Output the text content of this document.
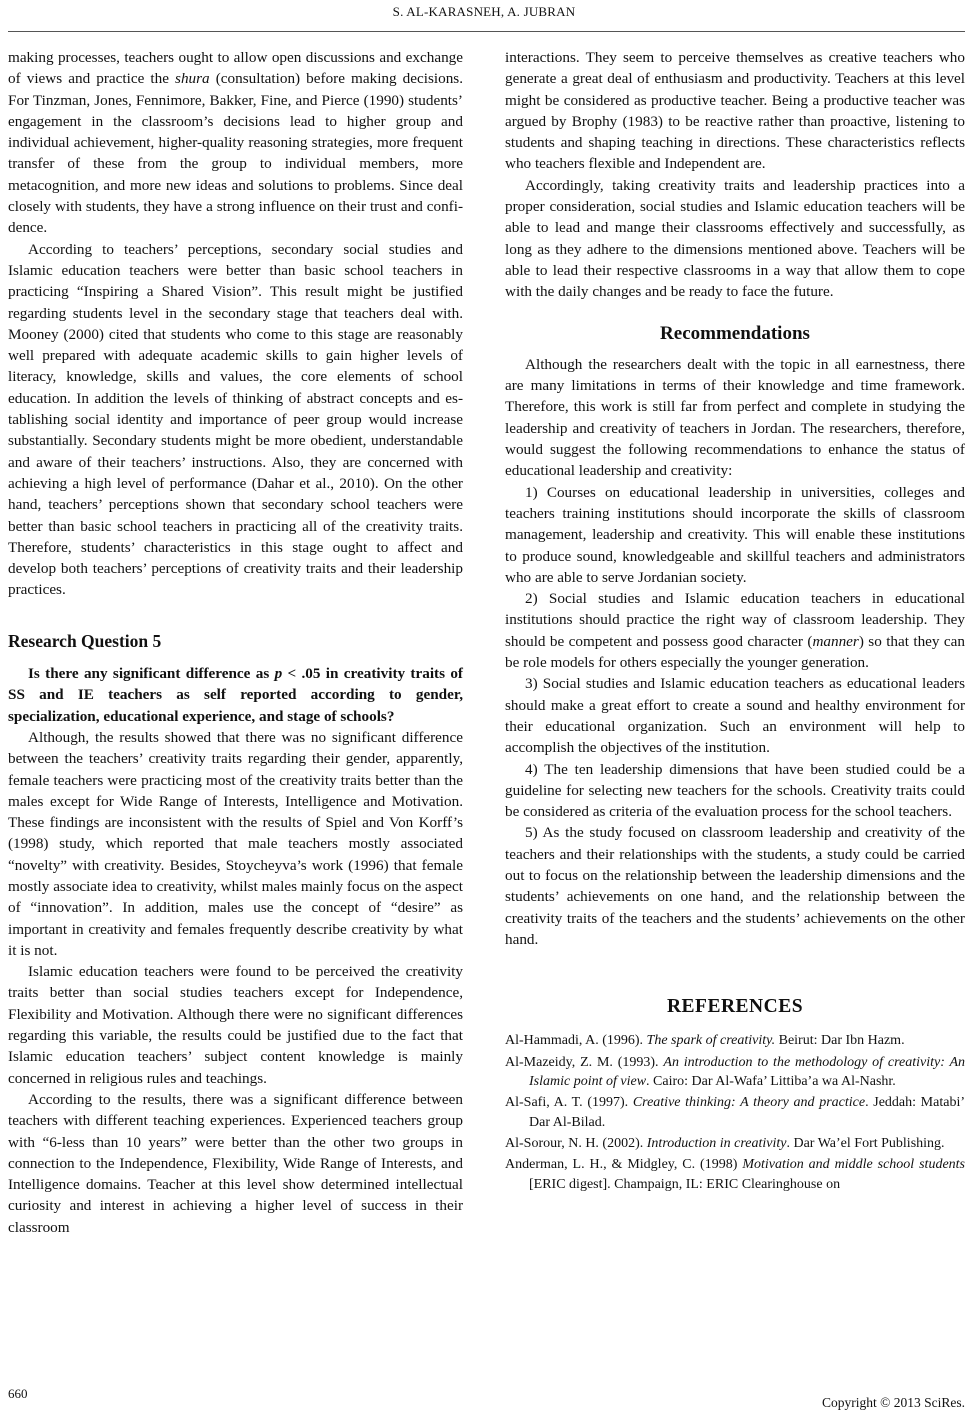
S. AL-KARASNEH, A. JUBRAN

making processes, teachers ought to allow open discussions and exchange of views and practice the shura (consultation) before making decisions. For Tinzman, Jones, Fennimore, Bakker, Fine, and Pierce (1990) students’ engagement in the classroom’s decisions lead to higher group and individual achievement, higher-quality reasoning strategies, more frequent transfer of these from the group to individual members, more metacognition, and more new ideas and solutions to problems. Since deal closely with students, they have a strong influence on their trust and confidence.

According to teachers’ perceptions, secondary social studies and Islamic education teachers were better than basic school teachers in practicing “Inspiring a Shared Vision”. This result might be justified regarding students level in the secondary stage that teachers deal with. Mooney (2000) cited that students who come to this stage are reasonably well prepared with adequate academic skills to gain higher levels of literacy, knowledge, skills and values, the core elements of school education. In addition the levels of thinking of abstract concepts and establishing social identity and importance of peer group would increase substantially. Secondary students might be more obedient, understandable and aware of their teachers’ instructions. Also, they are concerned with achieving a high level of performance (Dahar et al., 2010). On the other hand, teachers’ perceptions shown that secondary school teachers were better than basic school teachers in practicing all of the creativity traits. Therefore, students’ characteristics in this stage ought to affect and develop both teachers’ perceptions of creativity traits and their leadership practices.

Research Question 5

Is there any significant difference as p < .05 in creativity traits of SS and IE teachers as self reported according to gender, specialization, educational experience, and stage of schools?

Although, the results showed that there was no significant difference between the teachers’ creativity traits regarding their gender, apparently, female teachers were practicing most of the creativity traits better than the males except for Wide Range of Interests, Intelligence and Motivation. These findings are inconsistent with the results of Spiel and Von Korff’s (1998) study, which reported that male teachers mostly associated “novelty” with creativity. Besides, Stoycheyva’s work (1996) that female mostly associate idea to creativity, whilst males mainly focus on the aspect of “innovation”. In addition, males use the concept of “desire” as important in creativity and females frequently describe creativity by what it is not.

Islamic education teachers were found to be perceived the creativity traits better than social studies teachers except for Independence, Flexibility and Motivation. Although there were no significant differences regarding this variable, the results could be justified due to the fact that Islamic education teachers’ subject content knowledge is mainly concerned in religious rules and teachings.

According to the results, there was a significant difference between teachers with different teaching experiences. Experienced teachers group with “6-less than 10 years” were better than the other two groups in connection to the Independence, Flexibility, Wide Range of Interests, and Intelligence domains. Teacher at this level show determined intellectual curiosity and interest in achieving a higher level of success in their classroom

interactions. They seem to perceive themselves as creative teachers who generate a great deal of enthusiasm and productivity. Teachers at this level might be considered as productive teacher. Being a productive teacher was argued by Brophy (1983) to be reactive rather than proactive, listening to students and shaping teaching in directions. These characteristics reflects who teachers flexible and Independent are.

Accordingly, taking creativity traits and leadership practices into a proper consideration, social studies and Islamic education teachers will be able to lead and mange their classrooms effectively and successfully, as long as they adhere to the dimensions mentioned above. Teachers will be able to lead their respective classrooms in a way that allow them to cope with the daily changes and be ready to face the future.

Recommendations

Although the researchers dealt with the topic in all earnestness, there are many limitations in terms of their knowledge and time framework. Therefore, this work is still far from perfect and complete in studying the leadership and creativity of teachers in Jordan. The researchers, therefore, would suggest the following recommendations to enhance the status of educational leadership and creativity:

1) Courses on educational leadership in universities, colleges and teachers training institutions should incorporate the skills of classroom management, leadership and creativity. This will enable these institutions to produce sound, knowledgeable and skillful teachers and administrators who are able to serve Jordanian society.

2) Social studies and Islamic education teachers in educational institutions should practice the right way of classroom leadership. They should be competent and possess good character (manner) so that they can be role models for others especially the younger generation.

3) Social studies and Islamic education teachers as educational leaders should make a great effort to create a sound and healthy environment for their educational organization. Such an environment will help to accomplish the objectives of the institution.

4) The ten leadership dimensions that have been studied could be a guideline for selecting new teachers for the schools. Creativity traits could be considered as criteria of the evaluation process for the school teachers.

5) As the study focused on classroom leadership and creativity of the teachers and their relationships with the students, a study could be carried out to focus on the relationship between the leadership dimensions and the students’ achievements on one hand, and the relationship between the creativity traits of the teachers and the students’ achievements on the other hand.

REFERENCES

Al-Hammadi, A. (1996). The spark of creativity. Beirut: Dar Ibn Hazm.

Al-Mazeidy, Z. M. (1993). An introduction to the methodology of creativity: An Islamic point of view. Cairo: Dar Al-Wafa’ Littiba’a wa Al-Nashr.

Al-Safi, A. T. (1997). Creative thinking: A theory and practice. Jeddah: Matabi’ Dar Al-Bilad.

Al-Sorour, N. H. (2002). Introduction in creativity. Dar Wa’el Fort Publishing.

Anderman, L. H., & Midgley, C. (1998) Motivation and middle school students [ERIC digest]. Champaign, IL: ERIC Clearinghouse on

660
Copyright © 2013 SciRes.
